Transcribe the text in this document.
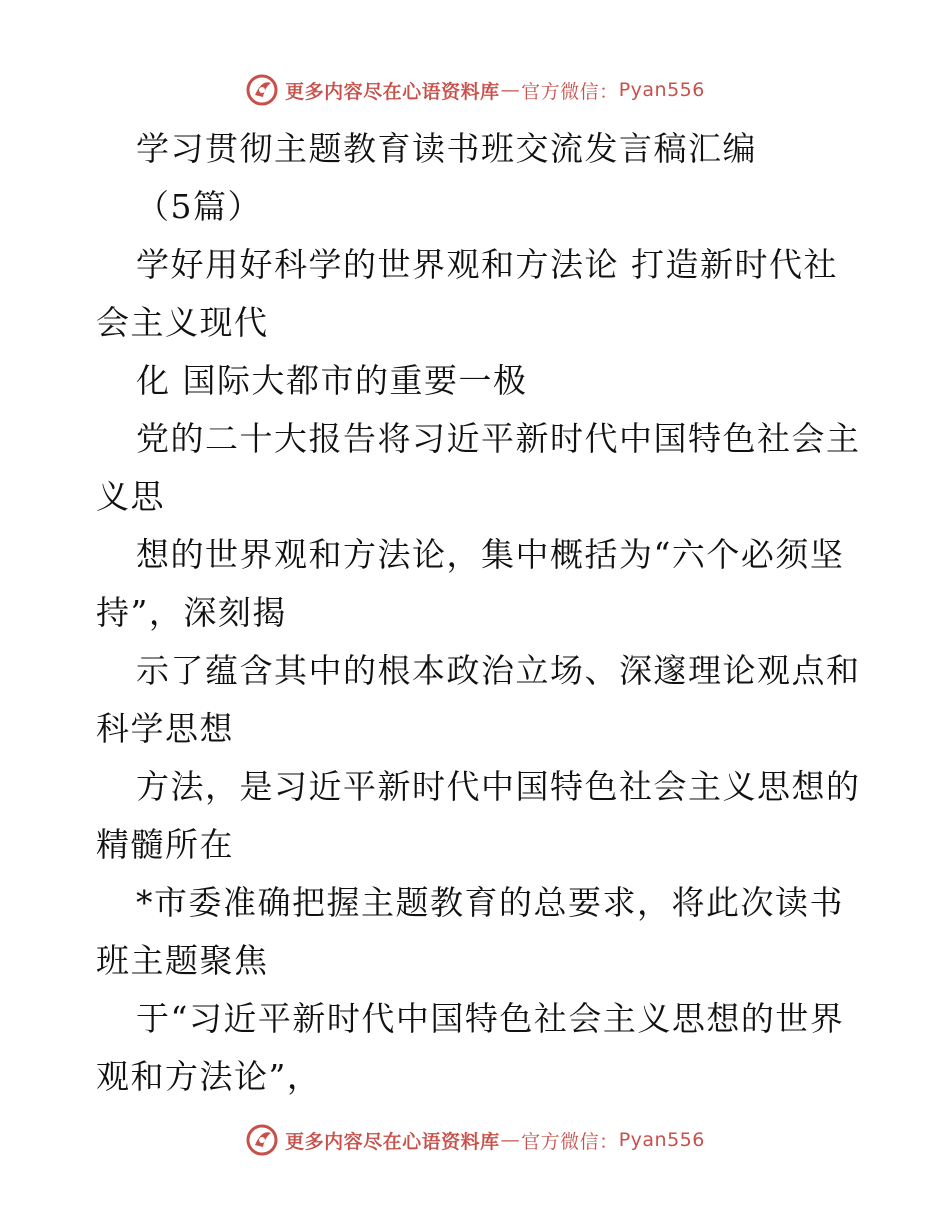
更多内容尽在心语资料库 — 官方微信： Pyan556

学习贯彻主题教育读书班交流发言稿汇编

（5篇）

学好用好科学的世界观和方法论 打造新时代社

会主义现代

化 国际大都市的重要一极

党的二十大报告将习近平新时代中国特色社会主

义思

想的世界观和方法论，集中概括为“六个必须坚

持”，深刻揭

示了蕴含其中的根本政治立场、深邃理论观点和

科学思想

方法，是习近平新时代中国特色社会主义思想的

精髓所在

*市委准确把握主题教育的总要求，将此次读书

班主题聚焦

于“习近平新时代中国特色社会主义思想的世界

观和方法论”，

更多内容尽在心语资料库 — 官方微信： Pyan556
